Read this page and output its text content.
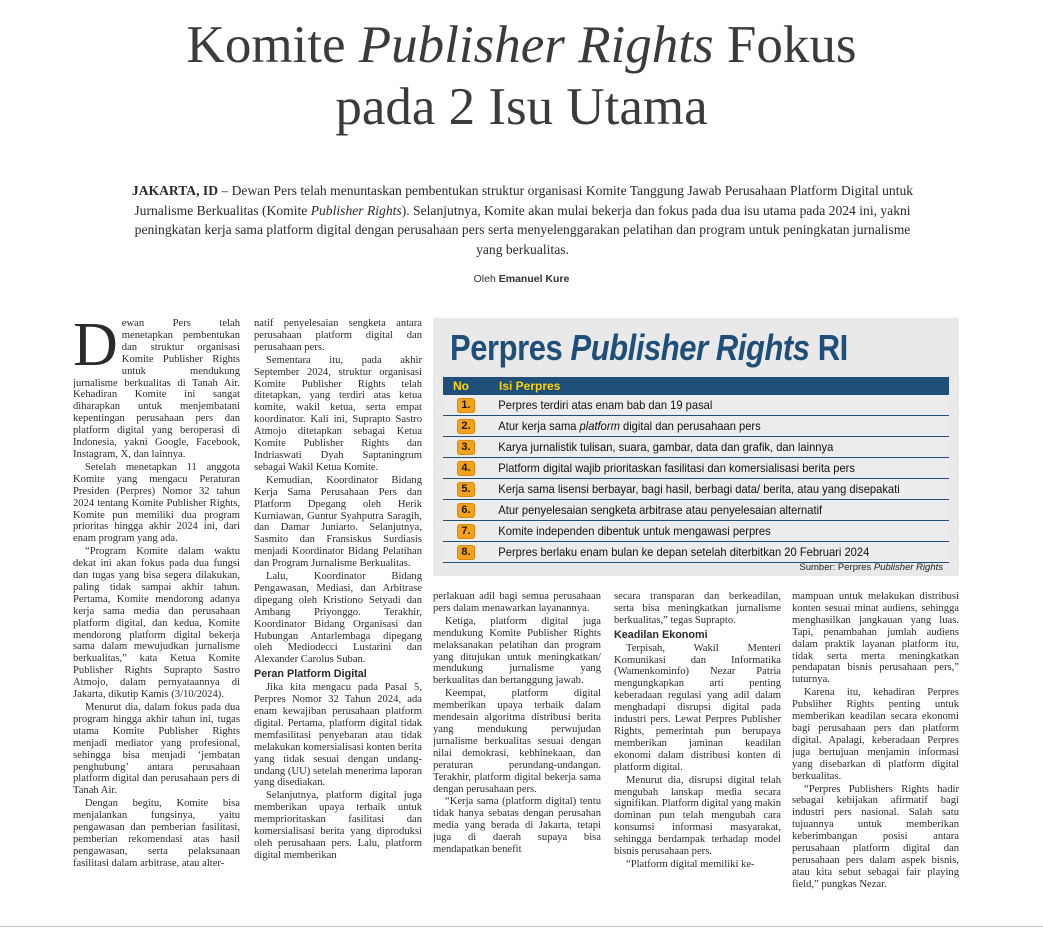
Komite Publisher Rights Fokus
pada 2 Isu Utama
JAKARTA, ID – Dewan Pers telah menuntaskan pembentukan struktur organisasi Komite Tanggung Jawab Perusahaan Platform Digital untuk Jurnalisme Berkualitas (Komite Publisher Rights). Selanjutnya, Komite akan mulai bekerja dan fokus pada dua isu utama pada 2024 ini, yakni peningkatan kerja sama platform digital dengan perusahaan pers serta menyelenggarakan pelatihan dan program untuk peningkatan jurnalisme yang berkualitas.
Oleh Emanuel Kure
D ewan Pers telah menetapkan pembentukan dan struktur organisasi Komite Publisher Rights untuk mendukung jurnalisme berkualitas di Tanah Air. Kehadiran Komite ini sangat diharapkan untuk menjembatani kepentingan perusahaan pers dan platform digital yang beroperasi di Indonesia, yakni Google, Facebook, Instagram, X, dan lainnya.

Setelah menetapkan 11 anggota Komite yang mengacu Peraturan Presiden (Perpres) Nomor 32 tahun 2024 tentang Komite Publisher Rights, Komite pun memiliki dua program prioritas hingga akhir 2024 ini, dari enam program yang ada.

“Program Komite dalam waktu dekat ini akan fokus pada dua fungsi dan tugas yang bisa segera dilakukan, paling tidak sampai akhir tahun. Pertama, Komite mendorong adanya kerja sama media dan perusahaan platform digital, dan kedua, Komite mendorong platform digital bekerja sama dalam mewujudkan jurnalisme berkualitas,” kata Ketua Komite Publisher Rights Suprapto Sastro Atmojo, dalam pernyataannya di Jakarta, dikutip Kamis (3/10/2024).

Menurut dia, dalam fokus pada dua program hingga akhir tahun ini, tugas utama Komite Publisher Rights menjadi mediator yang profesional, sehingga bisa menjadi ‘jembatan penghubung’ antara perusahaan platform digital dan perusahaan pers di Tanah Air.

Dengan begitu, Komite bisa menjalankan fungsinya, yaitu pengawasan dan pemberian fasilitasi, pemberian rekomendasi atas hasil pengawasan, serta pelaksanaan fasilitasi dalam arbitrase, atau alter-

natif penyelesaian sengketa antara perusahaan platform digital dan perusahaan pers.

Sementara itu, pada akhir September 2024, struktur organisasi Komite Publisher Rights telah ditetapkan, yang terdiri atas ketua komite, wakil ketua, serta empat koordinator. Kali ini, Suprapto Sastro Atmojo ditetapkan sebagai Ketua Komite Publisher Rights dan Indriaswati Dyah Saptaningrum sebagai Wakil Ketua Komite.

Kemudian, Koordinator Bidang Kerja Sama Perusahaan Pers dan Platform Dpegang oleh Herik Kurniawan, Guntur Syahputra Saragih, dan Damar Juniarto. Selanjutnya, Sasmito dan Fransiskus Surdiasis menjadi Koordinator Bidang Pelatihan dan Program Jurnalisme Berkualitas.

Lalu, Koordinator Bidang Pengawasan, Mediasi, dan Arbitrase dipegang oleh Kristiono Setyadi dan Ambang Priyonggo. Terakhir, Koordinator Bidang Organisasi dan Hubungan Antarlembaga dipegang oleh Mediodecci Lustarini dan Alexander Carolus Suban.

Peran Platform Digital

Jika kita mengacu pada Pasal 5, Perpres Nomor 32 Tahun 2024, ada enam kewajiban perusahaan platform digital. Pertama, platform digital tidak memfasilitasi penyebaran atau tidak melakukan komersialisasi konten berita yang tidak sesuai dengan undang-undang (UU) setelah menerima laporan yang disediakan.

Selanjutnya, platform digital juga memberikan upaya terbaik untuk memprioritaskan fasilitasi dan komersialisasi berita yang diproduksi oleh perusahaan pers. Lalu, platform digital memberikan

Perpres Publisher Rights RI
No	Isi Perpres
1.	Perpres terdiri atas enam bab dan 19 pasal
2.	Atur kerja sama platform digital dan perusahaan pers
3.	Karya jurnalistik tulisan, suara, gambar, data dan grafik, dan lainnya
4.	Platform digital wajib prioritaskan fasilitasi dan komersialisasi berita pers
5.	Kerja sama lisensi berbayar, bagi hasil, berbagi data/ berita, atau yang disepakati
6.	Atur penyelesaian sengketa arbitrase atau penyelesaian alternatif
7.	Komite independen dibentuk untuk mengawasi perpres
8.	Perpres berlaku enam bulan ke depan setelah diterbitkan 20 Februari 2024
Sumber: Perpres Publisher Rights

perlakuan adil bagi semua perusahaan pers dalam menawarkan layanannya.

Ketiga, platform digital juga mendukung Komite Publisher Rights melaksanakan pelatihan dan program yang ditujukan untuk meningkatkan/ mendukung jurnalisme yang berkualitas dan bertanggung jawab.

Keempat, platform digital memberikan upaya terbaik dalam mendesain algoritma distribusi berita yang mendukung perwujudan jurnalisme berkualitas sesuai dengan nilai demokrasi, kebhinekaan, dan peraturan perundang-undangan. Terakhir, platform digital bekerja sama dengan perusahaan pers.

“Kerja sama (platform digital) tentu tidak hanya sebatas dengan perusahan media yang berada di Jakarta, tetapi juga di daerah supaya bisa mendapatkan benefit

secara transparan dan berkeadilan, serta bisa meningkatkan jurnalisme berkualitas,” tegas Suprapto.

Keadilan Ekonomi

Terpisah, Wakil Menteri Komunikasi dan Informatika (Wamenkominfo) Nezar Patria mengungkapkan arti penting keberadaan regulasi yang adil dalam menghadapi disrupsi digital pada industri pers. Lewat Perpres Publisher Rights, pemerintah pun berupaya memberikan jaminan keadilan ekonomi dalam distribusi konten di platform digital.

Menurut dia, disrupsi digital telah mengubah lanskap media secara signifikan. Platform digital yang makin dominan pun telah mengubah cara konsumsi informasi masyarakat, sehingga berdampak terhadap model bisnis perusahaan pers.

“Platform digital memiliki ke-

mampuan untuk melakukan distribusi konten sesuai minat audiens, sehingga menghasilkan jangkauan yang luas. Tapi, penambahan jumlah audiens dalam praktik layanan platform itu, tidak serta merta meningkatkan pendapatan bisnis perusahaan pers,” tuturnya.

Karena itu, kehadiran Perpres Pubsliher Rights penting untuk memberikan keadilan secara ekonomi bagi perusahaan pers dan platform digital. Apalagi, keberadaan Perpres juga bertujuan menjamin informasi yang disebarkan di platform digital berkualitas.

“Perpres Publishers Rights hadir sebagai kebijakan afirmatif bagi industri pers nasional. Salah satu tujuannya untuk memberikan keberimbangan posisi antara perusahaan platform digital dan perusahaan pers dalam aspek bisnis, atau kita sebut sebagai fair playing field,” pungkas Nezar.
